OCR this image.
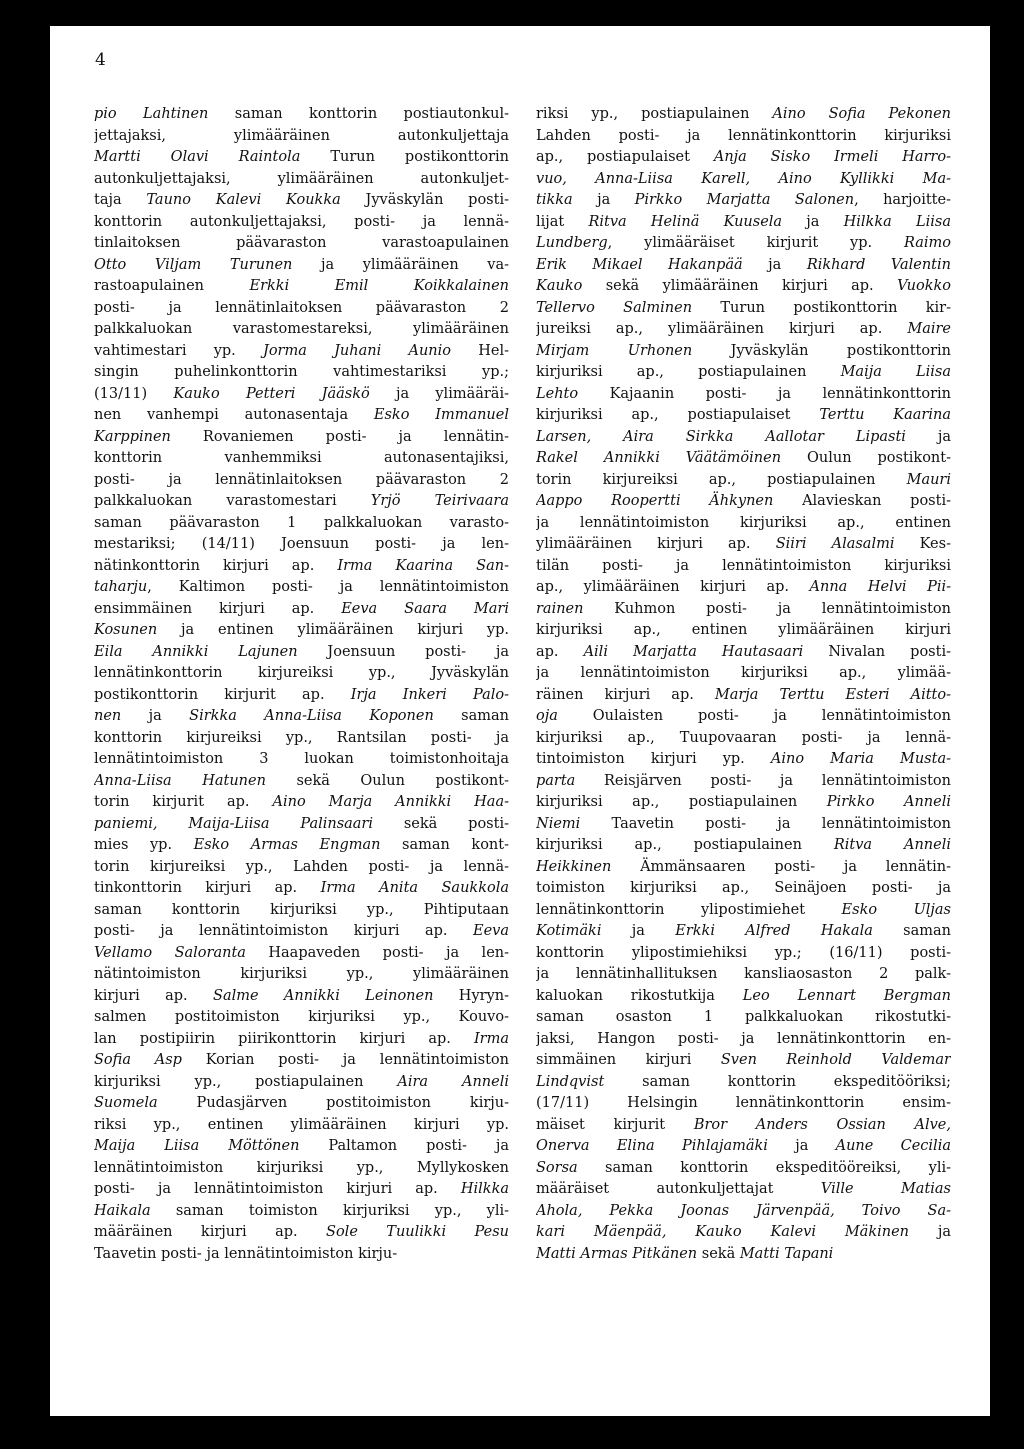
4
pio Lahtinen saman konttorin postiautonkul-
jettajaksi, ylimääräinen autonkuljettaja
Martti Olavi Raintola Turun postikonttorin
autonkuljettajaksi, ylimääräinen autonkuljet-
taja Tauno Kalevi Koukka Jyväskylän posti-
konttorin autonkuljettajaksi, posti- ja lennä-
tinlaitoksen päävaraston varastoapulainen
Otto Viljam Turunen ja ylimääräinen va-
rastoapulainen Erkki Emil Koikkalainen
posti- ja lennätinlaitoksen päävaraston 2
palkkaluokan varastomestareksi, ylimääräinen
vahtimestari yp. Jorma Juhani Aunio Hel-
singin puhelinkonttorin vahtimestariksi yp.;
(13/11) Kauko Petteri Jääskö ja ylimääräi-
nen vanhempi autonasentaja Esko Immanuel
Karppinen Rovaniemen posti- ja lennätin-
konttorin vanhemmiksi autonasentajiksi,
posti- ja lennätinlaitoksen päävaraston 2
palkkaluokan varastomestari Yrjö Teirivaara
saman päävaraston 1 palkkaluokan varasto-
mestariksi; (14/11) Joensuun posti- ja len-
nätinkonttorin kirjuri ap. Irma Kaarina San-
taharju, Kaltimon posti- ja lennätintoimiston
ensimmäinen kirjuri ap. Eeva Saara Mari
Kosunen ja entinen ylimääräinen kirjuri yp.
Eila Annikki Lajunen Joensuun posti- ja
lennätinkonttorin kirjureiksi yp., Jyväskylän
postikonttorin kirjurit ap. Irja Inkeri Palo-
nen ja Sirkka Anna-Liisa Koponen saman
konttorin kirjureiksi yp., Rantsilan posti- ja
lennätintoimiston 3 luokan toimistonhoitaja
Anna-Liisa Hatunen sekä Oulun postikont-
torin kirjurit ap. Aino Marja Annikki Haa-
paniemi, Maija-Liisa Palinsaari sekä posti-
mies yp. Esko Armas Engman saman kont-
torin kirjureiksi yp., Lahden posti- ja lennä-
tinkonttorin kirjuri ap. Irma Anita Saukkola
saman konttorin kirjuriksi yp., Pihtiputaan
posti- ja lennätintoimiston kirjuri ap. Eeva
Vellamo Saloranta Haapaveden posti- ja len-
nätintoimiston kirjuriksi yp., ylimääräinen
kirjuri ap. Salme Annikki Leinonen Hyryn-
salmen postitoimiston kirjuriksi yp., Kouvo-
lan postipiirin piirikonttorin kirjuri ap. Irma
Sofia Asp Korian posti- ja lennätintoimiston
kirjuriksi yp., postiapulainen Aira Anneli
Suomela Pudasjärven postitoimiston kirju-
riksi yp., entinen ylimääräinen kirjuri yp.
Maija Liisa Möttönen Paltamon posti- ja
lennätintoimiston kirjuriksi yp., Myllykosken
posti- ja lennätintoimiston kirjuri ap. Hilkka
Haikala saman toimiston kirjuriksi yp., yli-
määräinen kirjuri ap. Sole Tuulikki Pesu
Taavetin posti- ja lennätintoimiston kirju-
riksi yp., postiapulainen Aino Sofia Pekonen
Lahden posti- ja lennätinkonttorin kirjuriksi
ap., postiapulaiset Anja Sisko Irmeli Harro-
vuo, Anna-Liisa Karell, Aino Kyllikki Ma-
tikka ja Pirkko Marjatta Salonen, harjoitte-
lijat Ritva Helinä Kuusela ja Hilkka Liisa
Lundberg, ylimääräiset kirjurit yp. Raimo
Erik Mikael Hakanpää ja Rikhard Valentin
Kauko sekä ylimääräinen kirjuri ap. Vuokko
Tellervo Salminen Turun postikonttorin kir-
jureiksi ap., ylimääräinen kirjuri ap. Maire
Mirjam Urhonen Jyväskylän postikonttorin
kirjuriksi ap., postiapulainen Maija Liisa
Lehto Kajaanin posti- ja lennätinkonttorin
kirjuriksi ap., postiapulaiset Terttu Kaarina
Larsen, Aira Sirkka Aallotar Lipasti ja
Rakel Annikki Väätämöinen Oulun postikont-
torin kirjureiksi ap., postiapulainen Mauri
Aappo Roopertti Ähkynen Alavieskan posti-
ja lennätintoimiston kirjuriksi ap., entinen
ylimääräinen kirjuri ap. Siiri Alasalmi Kes-
tilän posti- ja lennätintoimiston kirjuriksi
ap., ylimääräinen kirjuri ap. Anna Helvi Pii-
rainen Kuhmon posti- ja lennätintoimiston
kirjuriksi ap., entinen ylimääräinen kirjuri
ap. Aili Marjatta Hautasaari Nivalan posti-
ja lennätintoimiston kirjuriksi ap., ylimää-
räinen kirjuri ap. Marja Terttu Esteri Aitto-
oja Oulaisten posti- ja lennätintoimiston
kirjuriksi ap., Tuupovaaran posti- ja lennä-
tintoimiston kirjuri yp. Aino Maria Musta-
parta Reisjärven posti- ja lennätintoimiston
kirjuriksi ap., postiapulainen Pirkko Anneli
Niemi Taavetin posti- ja lennätintoimiston
kirjuriksi ap., postiapulainen Ritva Anneli
Heikkinen Ämmänsaaren posti- ja lennätin-
toimiston kirjuriksi ap., Seinäjoen posti- ja
lennätinkonttorin ylipostimiehet Esko Uljas
Kotimäki ja Erkki Alfred Hakala saman
konttorin ylipostimiehiksi yp.; (16/11) posti-
ja lennätinhallituksen kansliaosaston 2 palk-
kaluokan rikostutkija Leo Lennart Bergman
saman osaston 1 palkkaluokan rikostutki-
jaksi, Hangon posti- ja lennätinkonttorin en-
simmäinen kirjuri Sven Reinhold Valdemar
Lindqvist saman konttorin ekspeditööriksi;
(17/11) Helsingin lennätinkonttorin ensim-
mäiset kirjurit Bror Anders Ossian Alve,
Onerva Elina Pihlajamäki ja Aune Cecilia
Sorsa saman konttorin ekspeditööreiksi, yli-
määräiset autonkuljettajat Ville Matias
Ahola, Pekka Joonas Järvenpää, Toivo Sa-
kari Mäenpää, Kauko Kalevi Mäkinen ja
Matti Armas Pitkänen sekä Matti Tapani
